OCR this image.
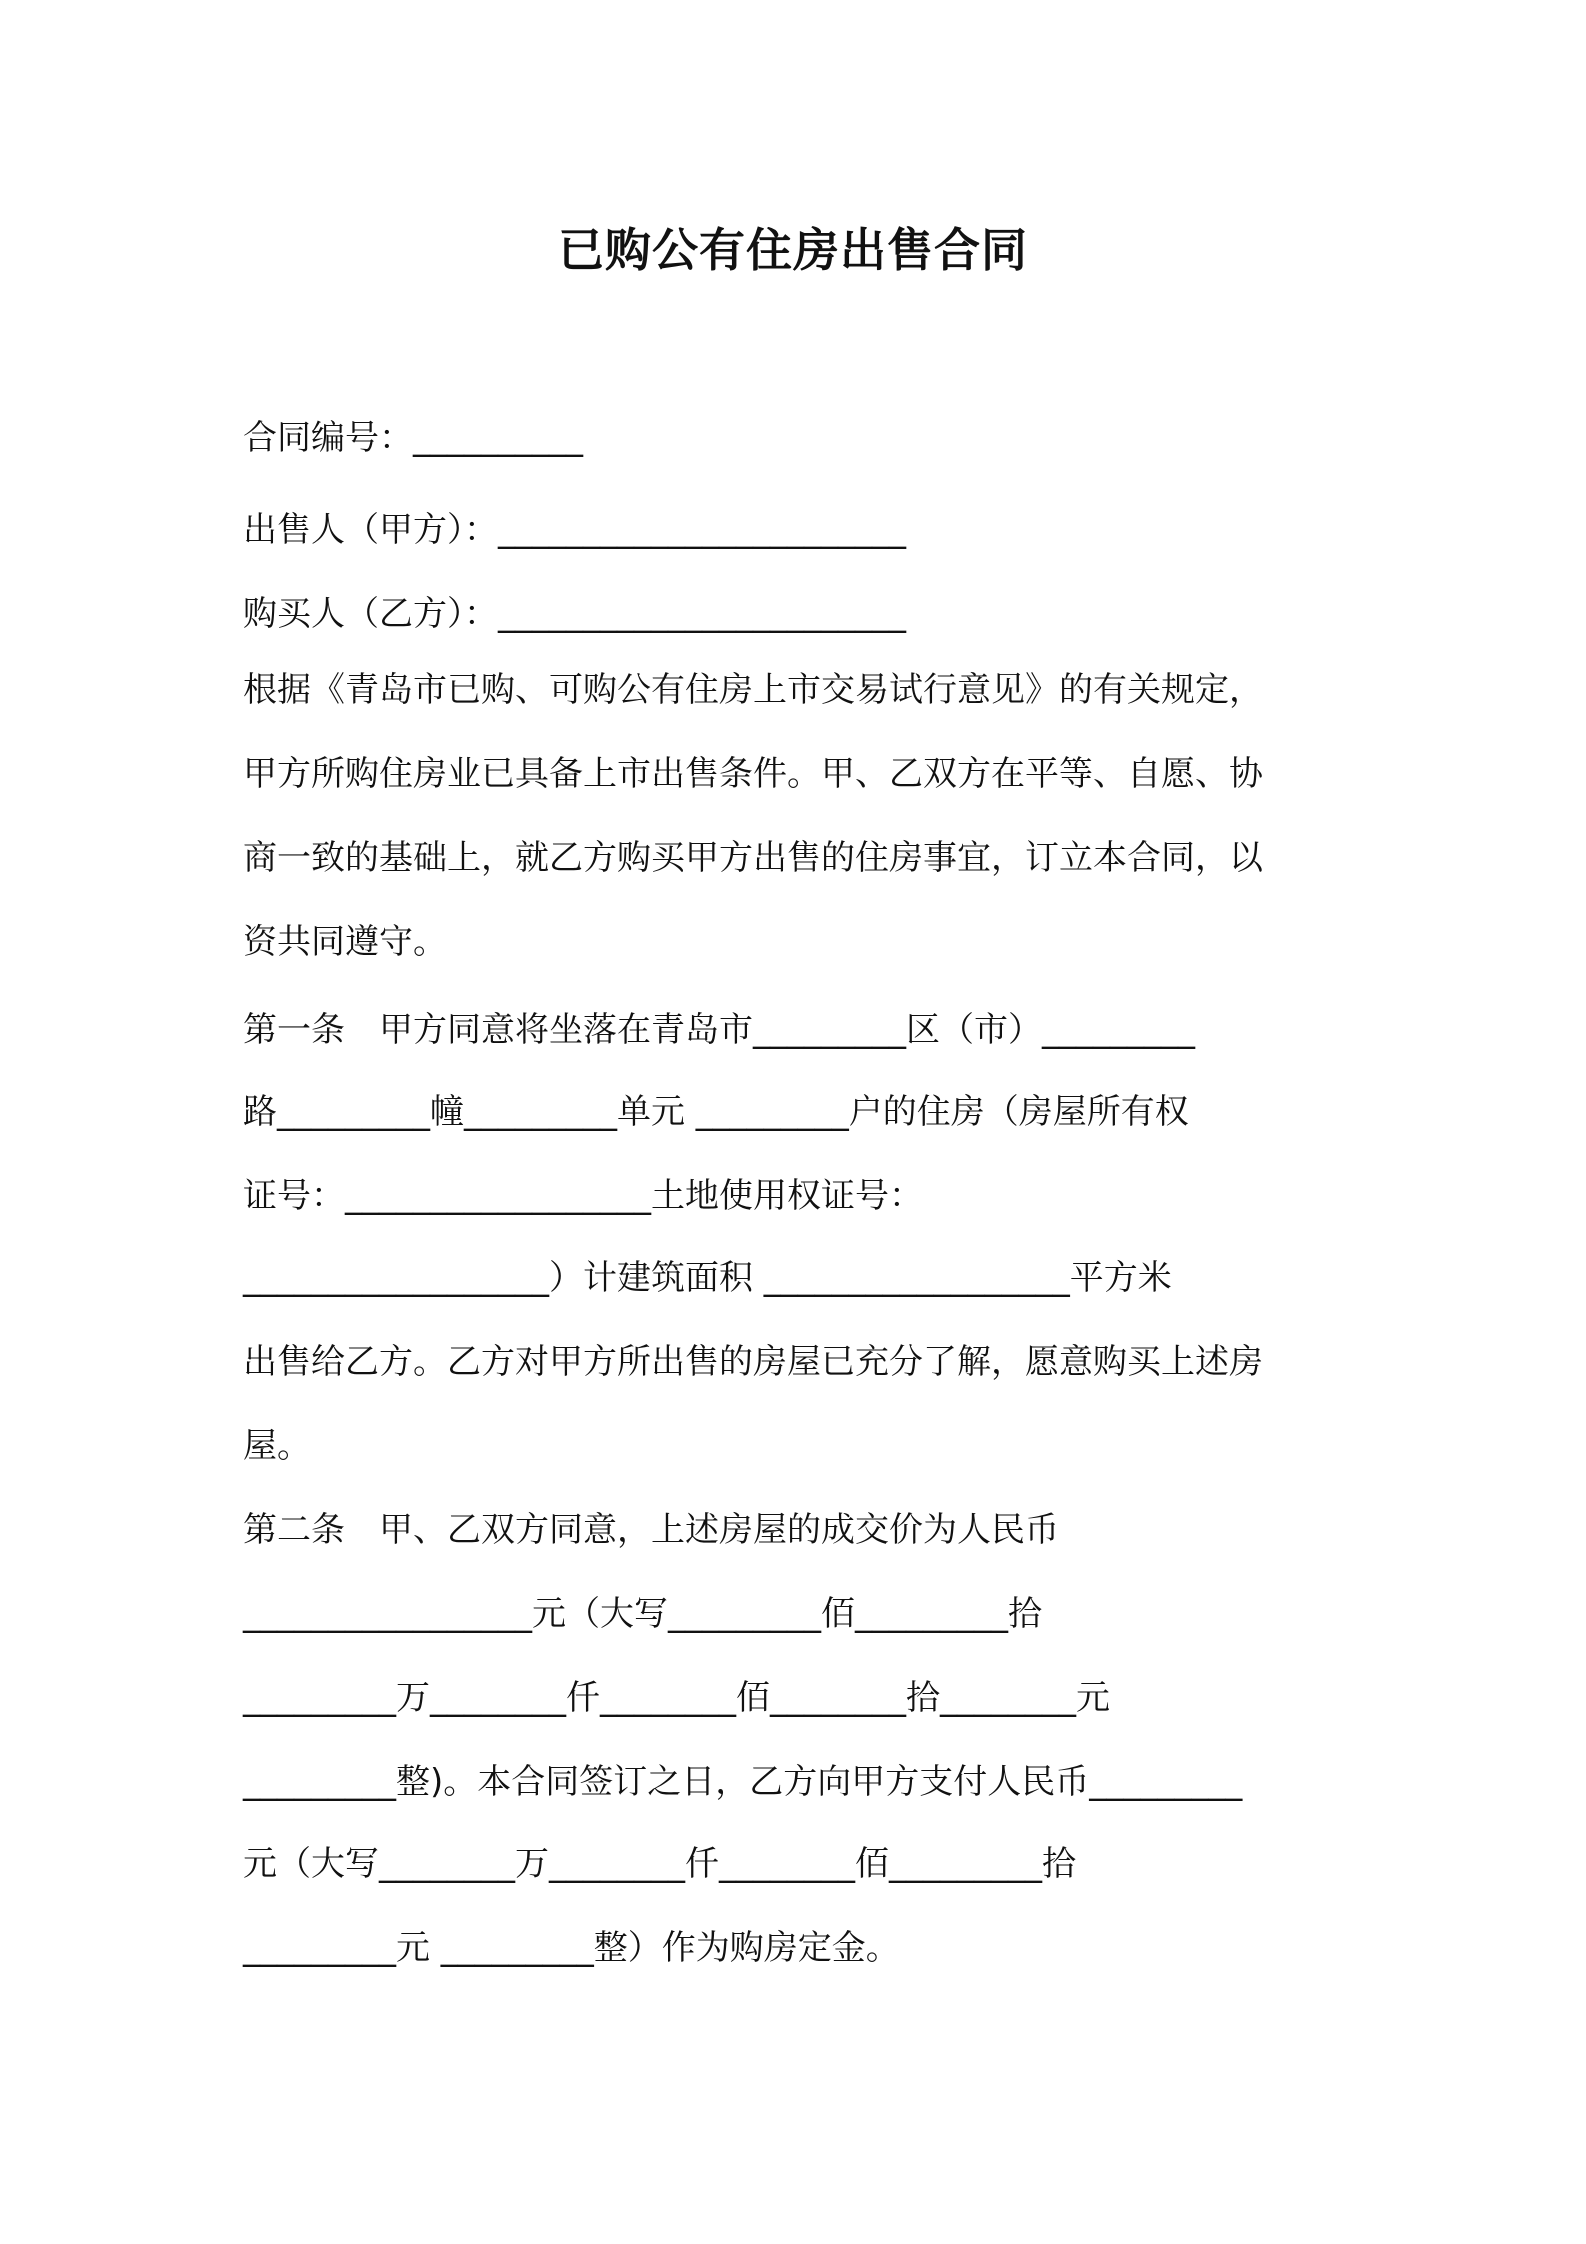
已购公有住房出售合同
合同编号：__________
出售人（甲方）：________________________
购买人（乙方）：________________________
根据《青岛市已购、可购公有住房上市交易试行意见》的有关规定，
甲方所购住房业已具备上市出售条件。甲、乙双方在平等、自愿、协
商一致的基础上，就乙方购买甲方出售的住房事宜，订立本合同，以
资共同遵守。
第一条　甲方同意将坐落在青岛市_________区（市）_________
路_________幢_________单元 _________户的住房（房屋所有权
证号：__________________土地使用权证号：
__________________）计建筑面积 __________________平方米
出售给乙方。乙方对甲方所出售的房屋已充分了解，愿意购买上述房
屋。
第二条　甲、乙双方同意，上述房屋的成交价为人民币
_________________元（大写_________佰_________拾
_________万________仟________佰________拾________元
_________整)。本合同签订之日，乙方向甲方支付人民币_________
元（大写________万________仟________佰_________拾
_________元 _________整）作为购房定金。
